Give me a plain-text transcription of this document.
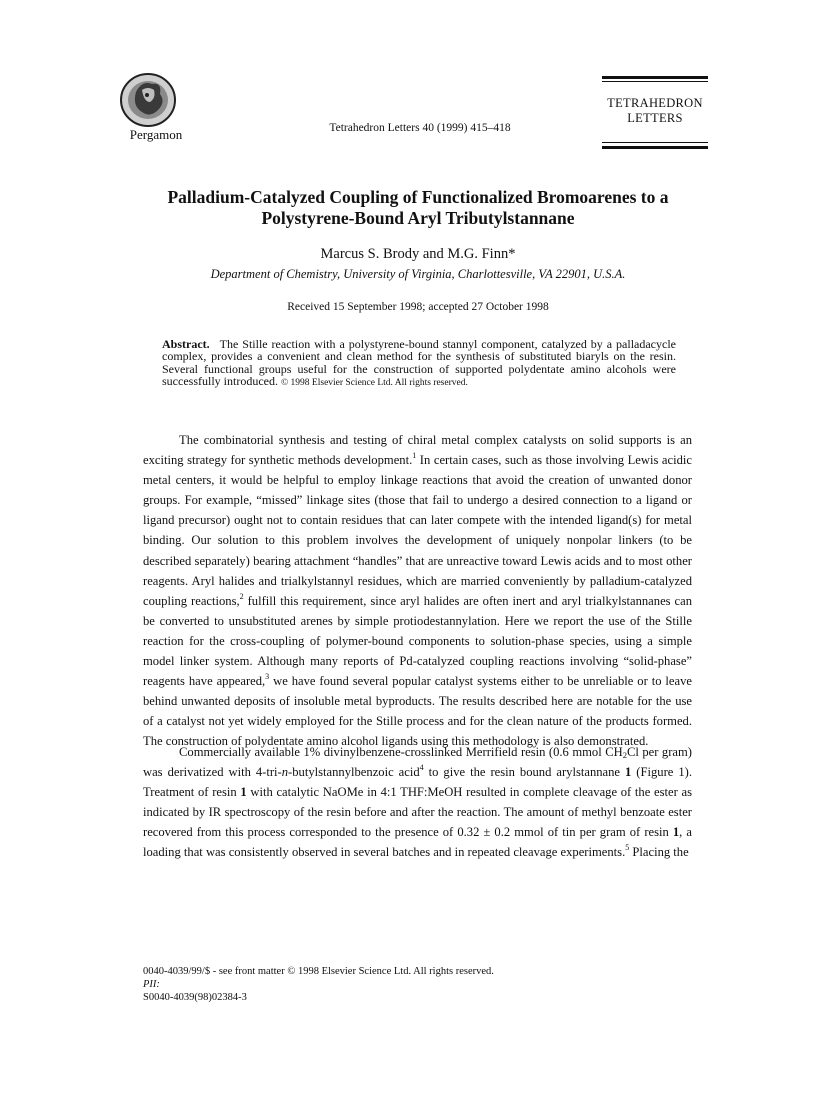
Pergamon	Tetrahedron Letters 40 (1999) 415–418
TETRAHEDRON
LETTERS
Palladium-Catalyzed Coupling of Functionalized Bromoarenes to a
Polystyrene-Bound Aryl Tributylstannane
Marcus S. Brody and M.G. Finn*
Department of Chemistry, University of Virginia, Charlottesville, VA 22901, U.S.A.
Received 15 September 1998; accepted 27 October 1998
Abstract. The Stille reaction with a polystyrene-bound stannyl component, catalyzed by a palladacycle complex, provides a convenient and clean method for the synthesis of substituted biaryls on the resin. Several functional groups useful for the construction of supported polydentate amino alcohols were successfully introduced. © 1998 Elsevier Science Ltd. All rights reserved.

The combinatorial synthesis and testing of chiral metal complex catalysts on solid supports is an exciting strategy for synthetic methods development.$^1$ In certain cases, such as those involving Lewis acidic metal centers, it would be helpful to employ linkage reactions that avoid the creation of unwanted donor groups. For example, “missed” linkage sites (those that fail to undergo a desired connection to a ligand or ligand precursor) ought not to contain residues that can later compete with the intended ligand(s) for metal binding. Our solution to this problem involves the development of uniquely nonpolar linkers (to be described separately) bearing attachment “handles” that are unreactive toward Lewis acids and to most other reagents. Aryl halides and trialkylstannyl residues, which are married conveniently by palladium-catalyzed coupling reactions,$^2$ fulfill this requirement, since aryl halides are often inert and aryl trialkylstannanes can be converted to unsubstituted arenes by simple protiodestannylation. Here we report the use of the Stille reaction for the cross-coupling of polymer-bound components to solution-phase species, using a simple model linker system. Although many reports of Pd-catalyzed coupling reactions involving “solid-phase” reagents have appeared,$^3$ we have found several popular catalyst systems either to be unreliable or to leave behind unwanted deposits of insoluble metal byproducts. The results described here are notable for the use of a catalyst not yet widely employed for the Stille process and for the clean nature of the products formed. The construction of polydentate amino alcohol ligands using this methodology is also demonstrated.

Commercially available 1% divinylbenzene-crosslinked Merrifield resin (0.6 mmol $CH_2Cl$ per gram) was derivatized with 4-tri-n-butylstannylbenzoic acid$^4$ to give the resin bound arylstannane 1 (Figure 1). Treatment of resin 1 with catalytic NaOMe in 4:1 THF:MeOH resulted in complete cleavage of the ester as indicated by IR spectroscopy of the resin before and after the reaction. The amount of methyl benzoate ester recovered from this process corresponded to the presence of 0.32 ± 0.2 mmol of tin per gram of resin 1, a loading that was consistently observed in several batches and in repeated cleavage experiments.$^5$ Placing the

0040-4039/99/$ - see front matter © 1998 Elsevier Science Ltd. All rights reserved.
PII:
S0040-4039(98)02384-3
